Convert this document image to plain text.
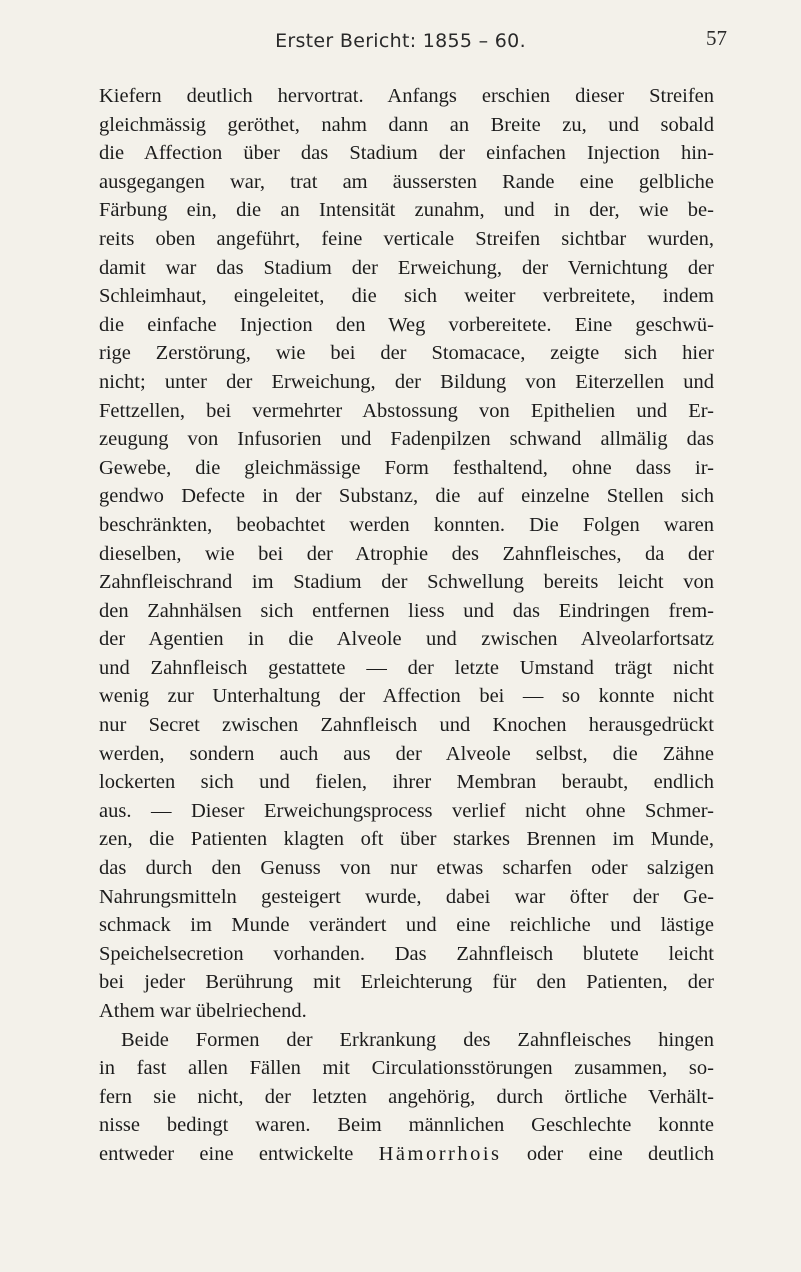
Erster Bericht: 1855 – 60.	57
Kiefern deutlich hervortrat. Anfangs erschien dieser Streifen
gleichmässig geröthet, nahm dann an Breite zu, und sobald
die Affection über das Stadium der einfachen Injection hin-
ausgegangen war, trat am äussersten Rande eine gelbliche
Färbung ein, die an Intensität zunahm, und in der, wie be-
reits oben angeführt, feine verticale Streifen sichtbar wurden,
damit war das Stadium der Erweichung, der Vernichtung der
Schleimhaut, eingeleitet, die sich weiter verbreitete, indem
die einfache Injection den Weg vorbereitete. Eine geschwü-
rige Zerstörung, wie bei der Stomacace, zeigte sich hier
nicht; unter der Erweichung, der Bildung von Eiterzellen und
Fettzellen, bei vermehrter Abstossung von Epithelien und Er-
zeugung von Infusorien und Fadenpilzen schwand allmälig das
Gewebe, die gleichmässige Form festhaltend, ohne dass ir-
gendwo Defecte in der Substanz, die auf einzelne Stellen sich
beschränkten, beobachtet werden konnten. Die Folgen waren
dieselben, wie bei der Atrophie des Zahnfleisches, da der
Zahnfleischrand im Stadium der Schwellung bereits leicht von
den Zahnhälsen sich entfernen liess und das Eindringen frem-
der Agentien in die Alveole und zwischen Alveolarfortsatz
und Zahnfleisch gestattete — der letzte Umstand trägt nicht
wenig zur Unterhaltung der Affection bei — so konnte nicht
nur Secret zwischen Zahnfleisch und Knochen herausgedrückt
werden, sondern auch aus der Alveole selbst, die Zähne
lockerten sich und fielen, ihrer Membran beraubt, endlich
aus. — Dieser Erweichungsprocess verlief nicht ohne Schmer-
zen, die Patienten klagten oft über starkes Brennen im Munde,
das durch den Genuss von nur etwas scharfen oder salzigen
Nahrungsmitteln gesteigert wurde, dabei war öfter der Ge-
schmack im Munde verändert und eine reichliche und lästige
Speichelsecretion vorhanden. Das Zahnfleisch blutete leicht
bei jeder Berührung mit Erleichterung für den Patienten, der
Athem war übelriechend.
Beide Formen der Erkrankung des Zahnfleisches hingen
in fast allen Fällen mit Circulationsstörungen zusammen, so-
fern sie nicht, der letzten angehörig, durch örtliche Verhält-
nisse bedingt waren. Beim männlichen Geschlechte konnte
entweder eine entwickelte Hämorrhois oder eine deutlich
